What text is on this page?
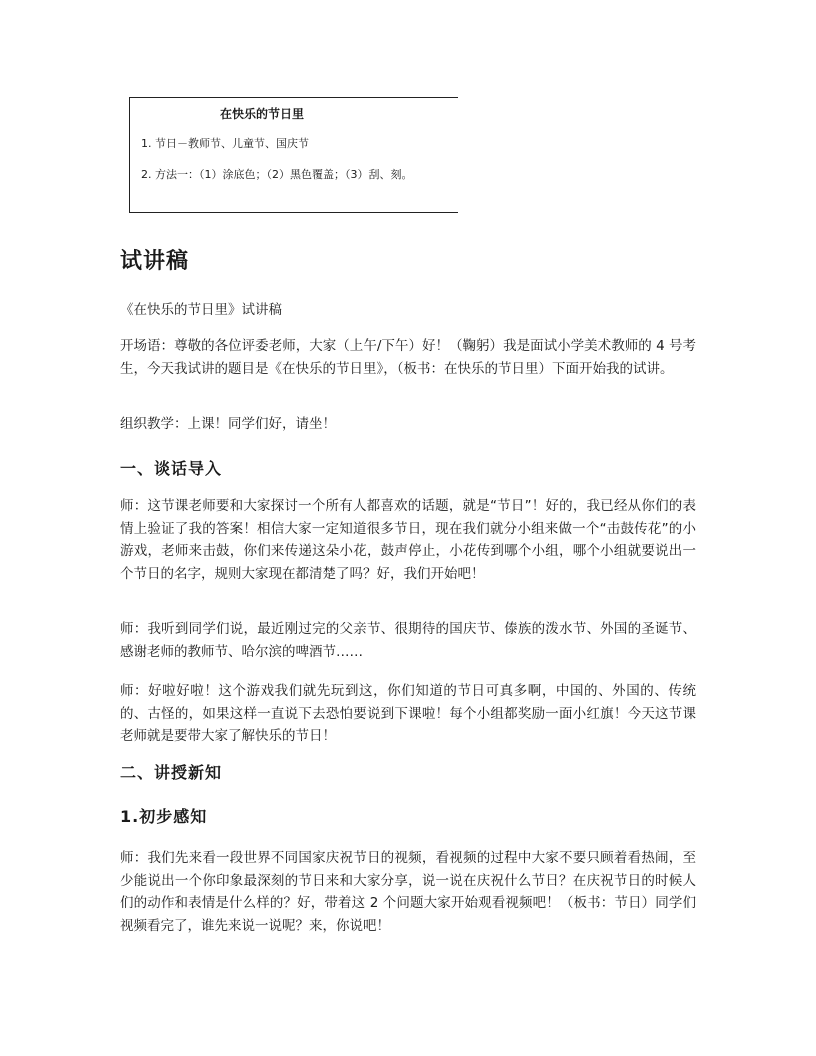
在快乐的节日里
1. 节日－教师节、儿童节、国庆节
2. 方法一：（1）涂底色；（2）黑色覆盖；（3）刮、刻。
试讲稿

《在快乐的节日里》试讲稿

开场语：尊敬的各位评委老师，大家（上午/下午）好！（鞠躬）我是面试小学美术教师的 4 号考生，今天我试讲的题目是《在快乐的节日里》，（板书：在快乐的节日里）下面开始我的试讲。

组织教学：上课！同学们好，请坐！

一、谈话导入

师：这节课老师要和大家探讨一个所有人都喜欢的话题，就是“节日”！好的，我已经从你们的表情上验证了我的答案！相信大家一定知道很多节日，现在我们就分小组来做一个“击鼓传花”的小游戏，老师来击鼓，你们来传递这朵小花，鼓声停止，小花传到哪个小组，哪个小组就要说出一个节日的名字，规则大家现在都清楚了吗？好，我们开始吧！

师：我听到同学们说，最近刚过完的父亲节、很期待的国庆节、傣族的泼水节、外国的圣诞节、感谢老师的教师节、哈尔滨的啤酒节……

师：好啦好啦！这个游戏我们就先玩到这，你们知道的节日可真多啊，中国的、外国的、传统的、古怪的，如果这样一直说下去恐怕要说到下课啦！每个小组都奖励一面小红旗！今天这节课老师就是要带大家了解快乐的节日！

二、讲授新知
1.初步感知

师：我们先来看一段世界不同国家庆祝节日的视频，看视频的过程中大家不要只顾着看热闹，至少能说出一个你印象最深刻的节日来和大家分享，说一说在庆祝什么节日？在庆祝节日的时候人们的动作和表情是什么样的？好，带着这 2 个问题大家开始观看视频吧！（板书：节日）同学们视频看完了，谁先来说一说呢？来，你说吧！
